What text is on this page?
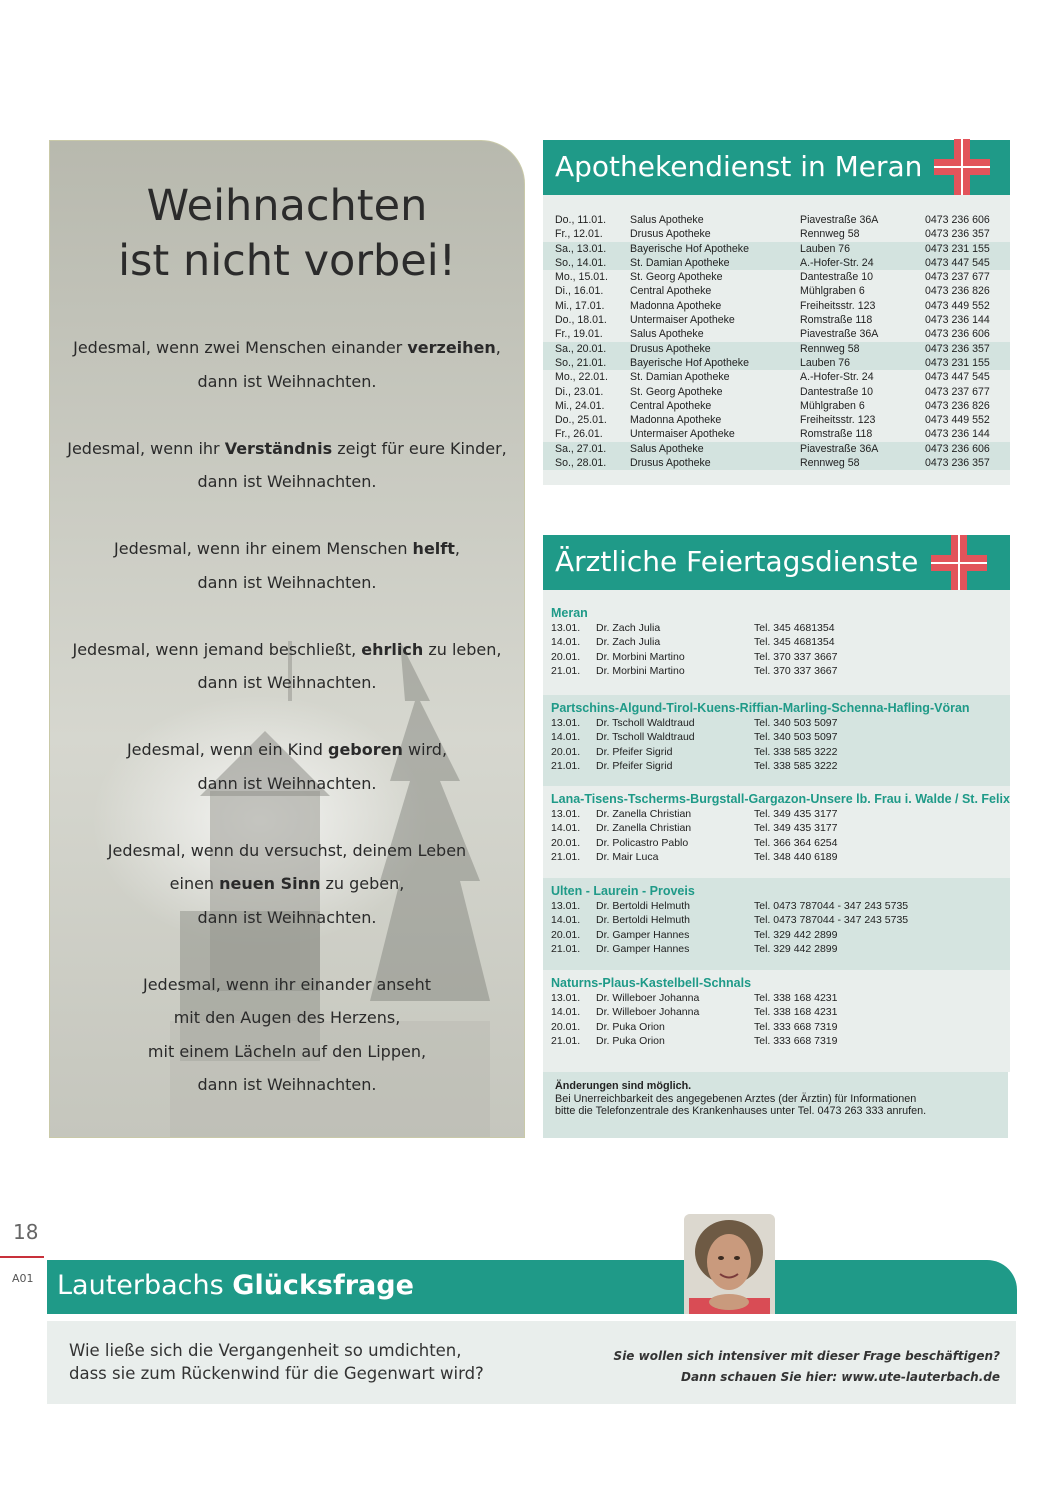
Weihnachten
ist nicht vorbei!

Jedesmal, wenn zwei Menschen einander verzeihen,

dann ist Weihnachten.

Jedesmal, wenn ihr Verständnis zeigt für eure Kinder,

dann ist Weihnachten.

Jedesmal, wenn ihr einem Menschen helft,

dann ist Weihnachten.

Jedesmal, wenn jemand beschließt, ehrlich zu leben,

dann ist Weihnachten.

Jedesmal, wenn ein Kind geboren wird,

dann ist Weihnachten.

Jedesmal, wenn du versuchst, deinem Leben

einen neuen Sinn zu geben,

dann ist Weihnachten.

Jedesmal, wenn ihr einander anseht

mit den Augen des Herzens,

mit einem Lächeln auf den Lippen,

dann ist Weihnachten.

Apothekendienst in Meran
Do., 11.01.	Salus Apotheke	Piavestraße 36A	0473 236 606
Fr., 12.01.	Drusus Apotheke	Rennweg 58	0473 236 357
Sa., 13.01.	Bayerische Hof Apotheke	Lauben 76	0473 231 155
So., 14.01.	St. Damian Apotheke	A.-Hofer-Str. 24	0473 447 545
Mo., 15.01.	St. Georg Apotheke	Dantestraße 10	0473 237 677
Di., 16.01.	Central Apotheke	Mühlgraben 6	0473 236 826
Mi., 17.01.	Madonna Apotheke	Freiheitsstr. 123	0473 449 552
Do., 18.01.	Untermaiser Apotheke	Romstraße 118	0473 236 144
Fr., 19.01.	Salus Apotheke	Piavestraße 36A	0473 236 606
Sa., 20.01.	Drusus Apotheke	Rennweg 58	0473 236 357
So., 21.01.	Bayerische Hof Apotheke	Lauben 76	0473 231 155
Mo., 22.01.	St. Damian Apotheke	A.-Hofer-Str. 24	0473 447 545
Di., 23.01.	St. Georg Apotheke	Dantestraße 10	0473 237 677
Mi., 24.01.	Central Apotheke	Mühlgraben 6	0473 236 826
Do., 25.01.	Madonna Apotheke	Freiheitsstr. 123	0473 449 552
Fr., 26.01.	Untermaiser Apotheke	Romstraße 118	0473 236 144
Sa., 27.01.	Salus Apotheke	Piavestraße 36A	0473 236 606
So., 28.01.	Drusus Apotheke	Rennweg 58	0473 236 357
Ärztliche Feiertagsdienste
Meran
13.01.	Dr. Zach Julia	Tel. 345 4681354
14.01.	Dr. Zach Julia	Tel. 345 4681354
20.01.	Dr. Morbini Martino	Tel. 370 337 3667
21.01.	Dr. Morbini Martino	Tel. 370 337 3667
Partschins-Algund-Tirol-Kuens-Riffian-Marling-Schenna-Hafling-Vöran
13.01.	Dr. Tscholl Waldtraud	Tel. 340 503 5097
14.01.	Dr. Tscholl Waldtraud	Tel. 340 503 5097
20.01.	Dr. Pfeifer Sigrid	Tel. 338 585 3222
21.01.	Dr. Pfeifer Sigrid	Tel. 338 585 3222
Lana-Tisens-Tscherms-Burgstall-Gargazon-Unsere lb. Frau i. Walde / St. Felix
13.01.	Dr. Zanella Christian	Tel. 349 435 3177
14.01.	Dr. Zanella Christian	Tel. 349 435 3177
20.01.	Dr. Policastro Pablo	Tel. 366 364 6254
21.01.	Dr. Mair Luca	Tel. 348 440 6189
Ulten - Laurein - Proveis
13.01.	Dr. Bertoldi Helmuth	Tel. 0473 787044 - 347 243 5735
14.01.	Dr. Bertoldi Helmuth	Tel. 0473 787044 - 347 243 5735
20.01.	Dr. Gamper Hannes	Tel. 329 442 2899
21.01.	Dr. Gamper Hannes	Tel. 329 442 2899
Naturns-Plaus-Kastelbell-Schnals
13.01.	Dr. Willeboer Johanna	Tel. 338 168 4231
14.01.	Dr. Willeboer Johanna	Tel. 338 168 4231
20.01.	Dr. Puka Orion	Tel. 333 668 7319
21.01.	Dr. Puka Orion	Tel. 333 668 7319
Änderungen sind möglich.
Bei Unerreichbarkeit des angegebenen Arztes (der Ärztin) für Informationen
bitte die Telefonzentrale des Krankenhauses unter Tel. 0473 263 333 anrufen.
18
A01 Lauterbachs Glücksfrage
Wie ließe sich die Vergangenheit so umdichten,
dass sie zum Rückenwind für die Gegenwart wird?
Sie wollen sich intensiver mit dieser Frage beschäftigen?
Dann schauen Sie hier: www.ute-lauterbach.de
